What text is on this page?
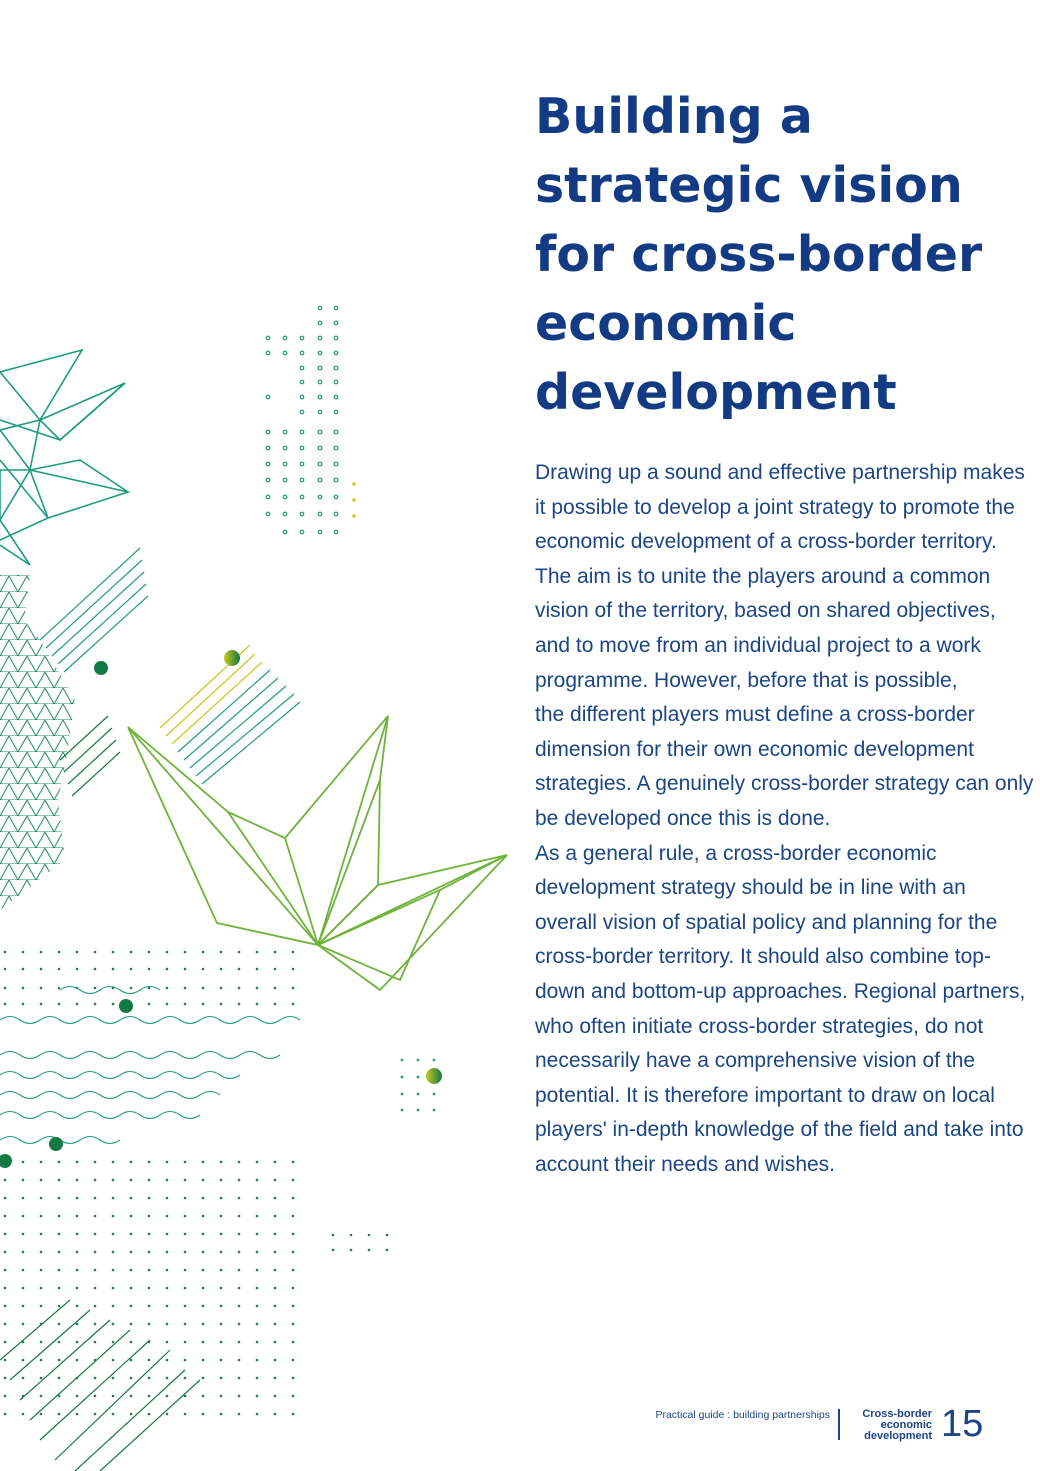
Building a
strategic vision
for cross-border
economic
development

Drawing up a sound and effective partnership makes
it possible to develop a joint strategy to promote the
economic development of a cross-border territory.
The aim is to unite the players around a common
vision of the territory, based on shared objectives,
and to move from an individual project to a work
programme. However, before that is possible,
the different players must define a cross-border
dimension for their own economic development
strategies. A genuinely cross-border strategy can only
be developed once this is done.

As a general rule, a cross-border economic
development strategy should be in line with an
overall vision of spatial policy and planning for the
cross-border territory. It should also combine top-
down and bottom-up approaches. Regional partners,
who often initiate cross-border strategies, do not
necessarily have a comprehensive vision of the
potential. It is therefore important to draw on local
players' in-depth knowledge of the field and take into
account their needs and wishes.

Practical guide : building partnerships	Cross-border
economic
development 15
